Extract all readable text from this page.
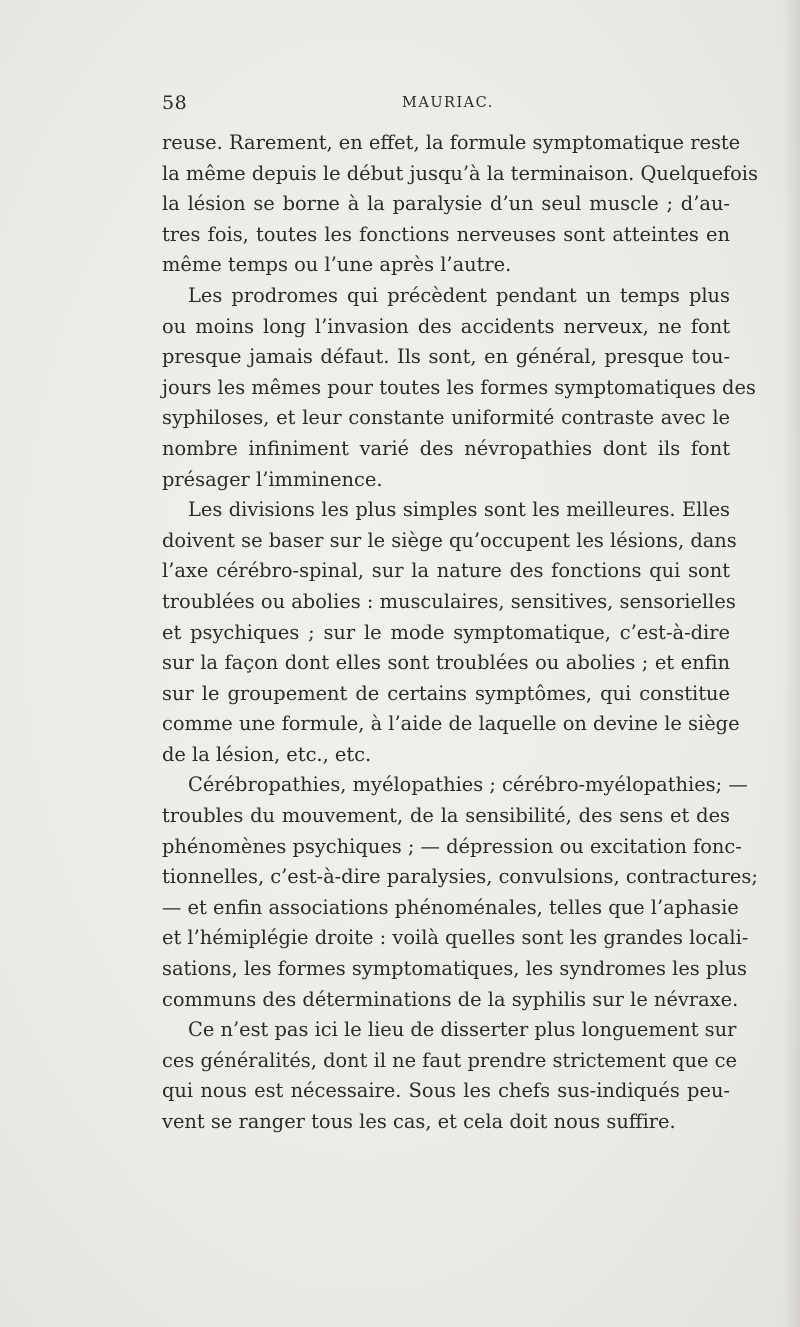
58	MAURIAC.
reuse. Rarement, en effet, la formule symptomatique reste
la même depuis le début jusqu’à la terminaison. Quelquefois
la lésion se borne à la paralysie d’un seul muscle ; d’au-
tres fois, toutes les fonctions nerveuses sont atteintes en
même temps ou l’une après l’autre.
Les prodromes qui précèdent pendant un temps plus
ou moins long l’invasion des accidents nerveux, ne font
presque jamais défaut. Ils sont, en général, presque tou-
jours les mêmes pour toutes les formes symptomatiques des
syphiloses, et leur constante uniformité contraste avec le
nombre infiniment varié des névropathies dont ils font
présager l’imminence.
Les divisions les plus simples sont les meilleures. Elles
doivent se baser sur le siège qu’occupent les lésions, dans
l’axe cérébro-spinal, sur la nature des fonctions qui sont
troublées ou abolies : musculaires, sensitives, sensorielles
et psychiques ; sur le mode symptomatique, c’est-à-dire
sur la façon dont elles sont troublées ou abolies ; et enfin
sur le groupement de certains symptômes, qui constitue
comme une formule, à l’aide de laquelle on devine le siège
de la lésion, etc., etc.
Cérébropathies, myélopathies ; cérébro-myélopathies; —
troubles du mouvement, de la sensibilité, des sens et des
phénomènes psychiques ; — dépression ou excitation fonc-
tionnelles, c’est-à-dire paralysies, convulsions, contractures;
— et enfin associations phénoménales, telles que l’aphasie
et l’hémiplégie droite : voilà quelles sont les grandes locali-
sations, les formes symptomatiques, les syndromes les plus
communs des déterminations de la syphilis sur le névraxe.
Ce n’est pas ici le lieu de disserter plus longuement sur
ces généralités, dont il ne faut prendre strictement que ce
qui nous est nécessaire. Sous les chefs sus-indiqués peu-
vent se ranger tous les cas, et cela doit nous suffire.
